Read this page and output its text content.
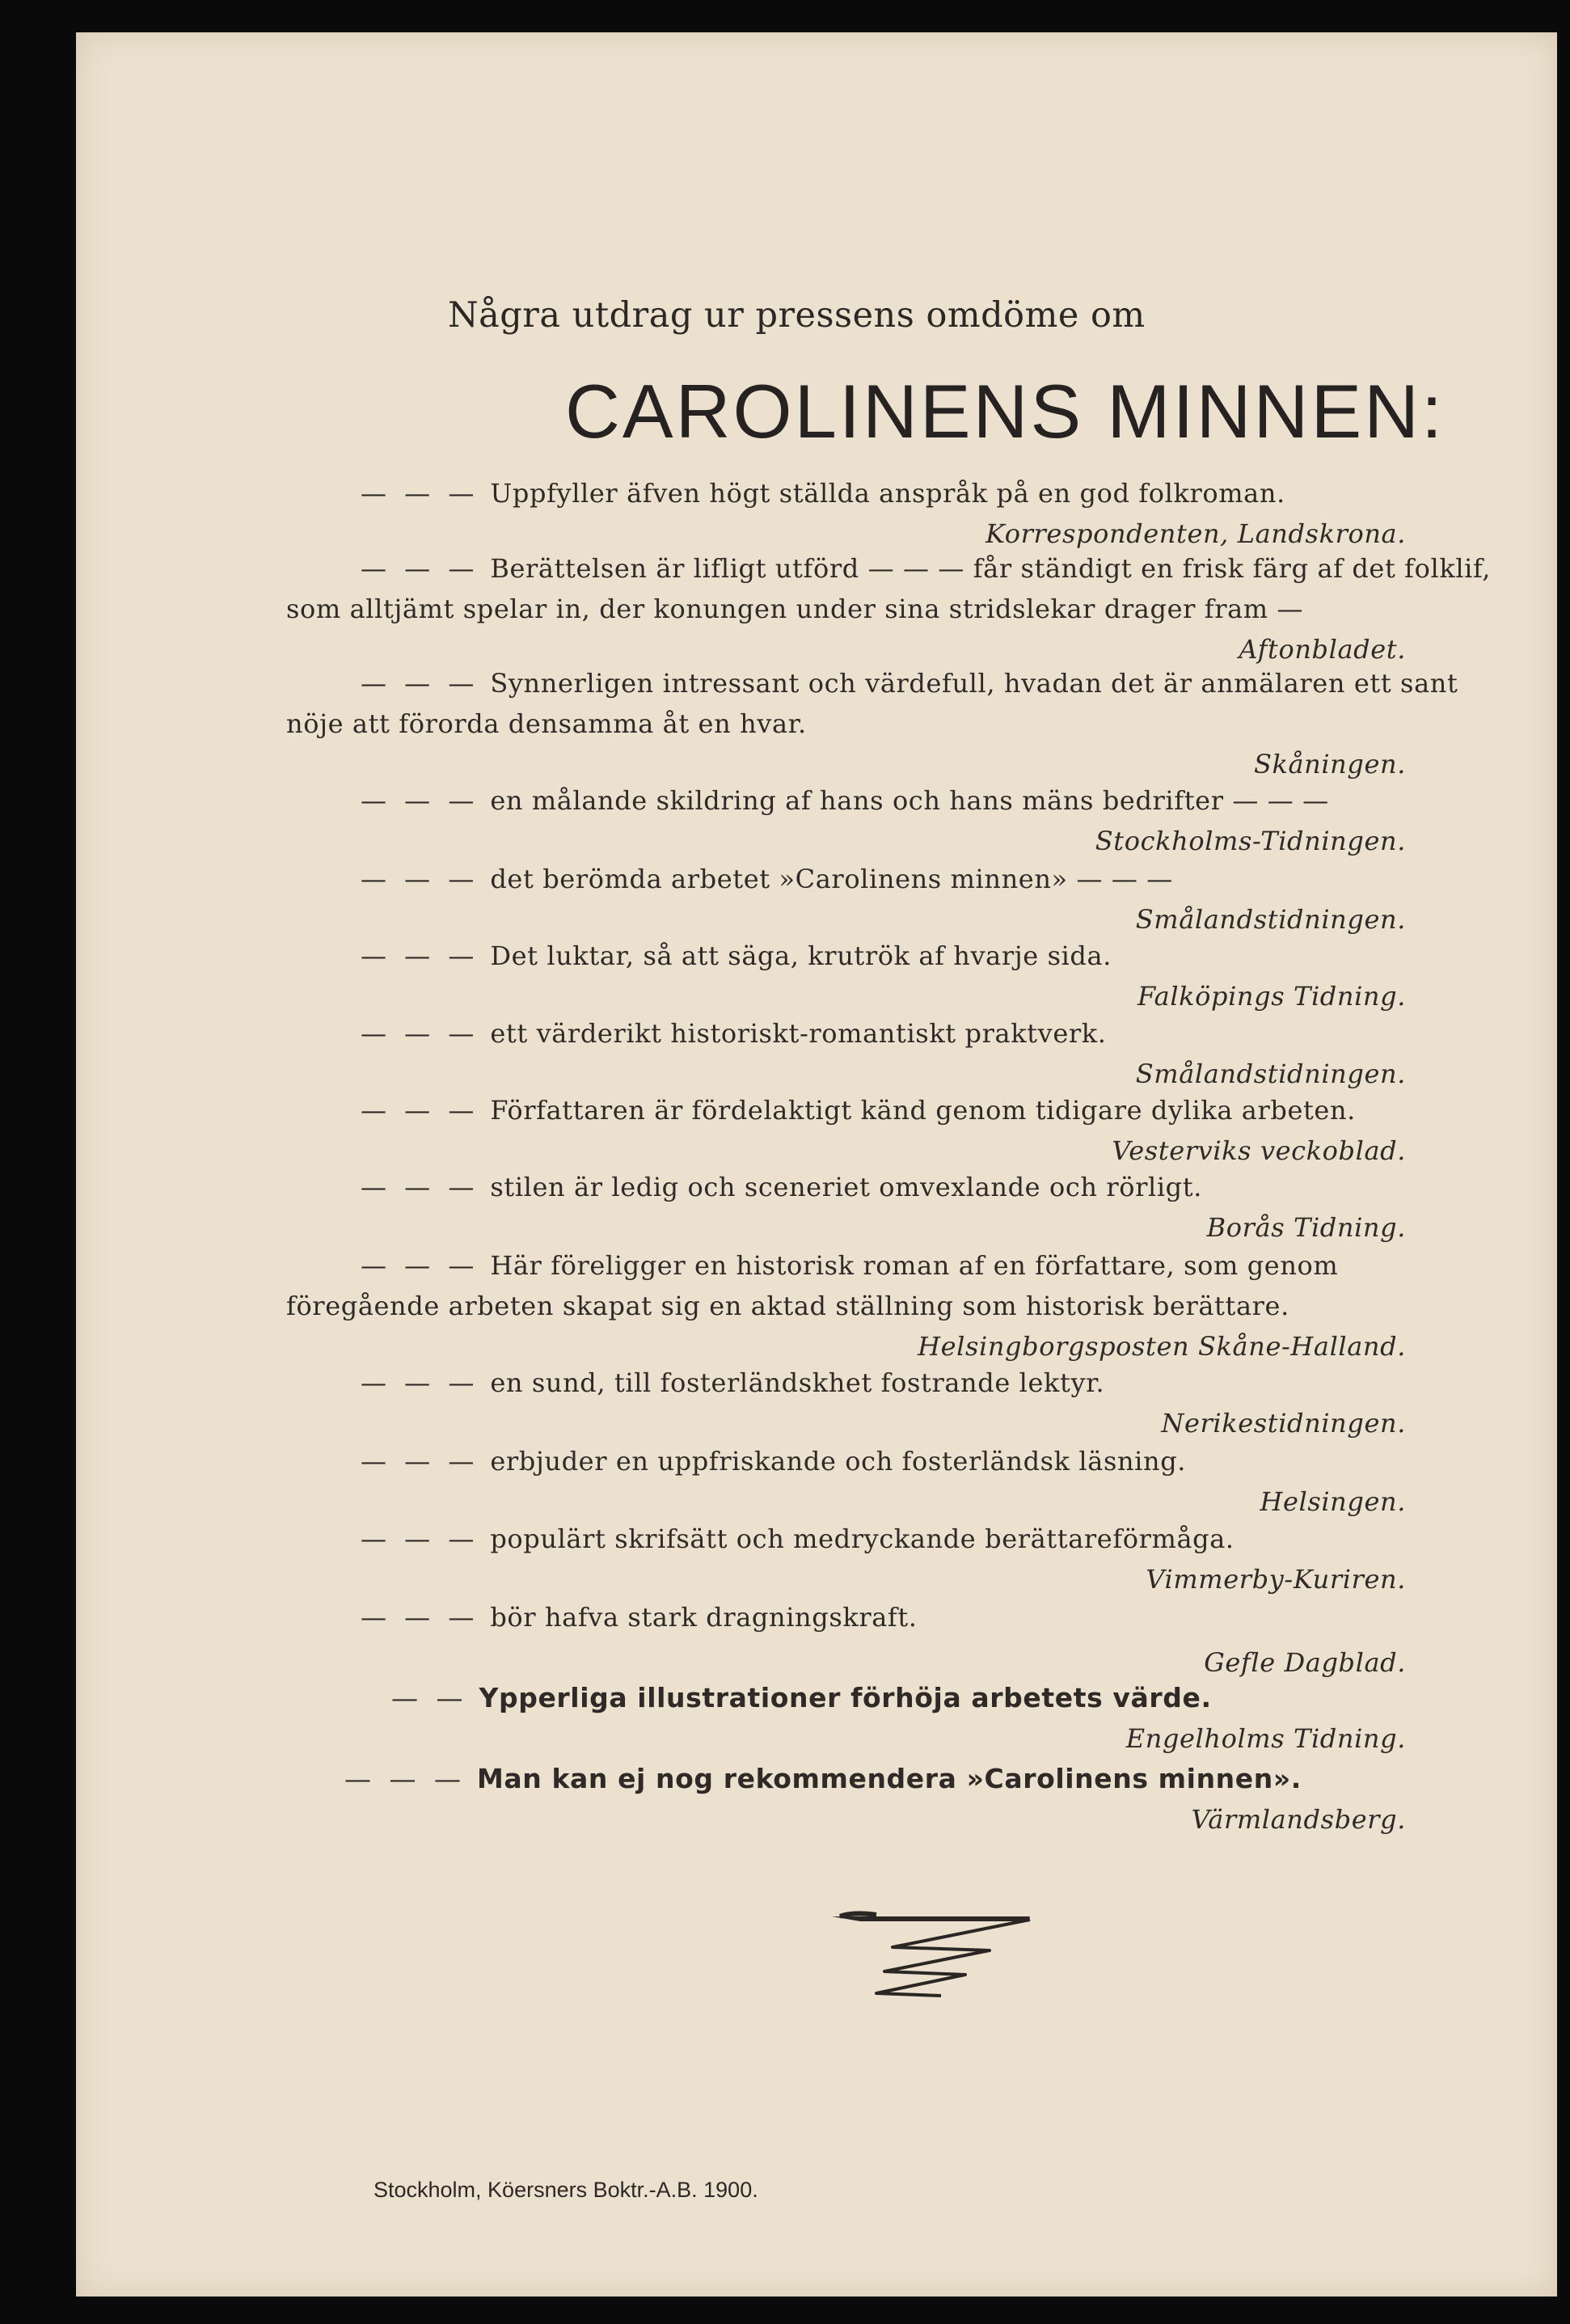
Några utdrag ur pressens omdöme om
CAROLINENS MINNEN:
— — — Uppfyller äfven högt ställda anspråk på en god folkroman.
Korrespondenten, Landskrona.
— — — Berättelsen är lifligt utförd — — — får ständigt en frisk färg af det folklif, som alltjämt spelar in, der konungen under sina stridslekar drager fram —
Aftonbladet.
— — — Synnerligen intressant och värdefull, hvadan det är anmälaren ett sant nöje att förorda densamma åt en hvar.
Skåningen.
— — — en målande skildring af hans och hans mäns bedrifter — — —
Stockholms-Tidningen.
— — — det berömda arbetet »Carolinens minnen» — — —
Smålandstidningen.
— — — Det luktar, så att säga, krutrök af hvarje sida.
Falköpings Tidning.
— — — ett värderikt historiskt-romantiskt praktverk.
Smålandstidningen.
— — — Författaren är fördelaktigt känd genom tidigare dylika arbeten.
Vesterviks veckoblad.
— — — stilen är ledig och sceneriet omvexlande och rörligt.
Borås Tidning.
— — — Här föreligger en historisk roman af en författare, som genom föregående arbeten skapat sig en aktad ställning som historisk berättare.
Helsingborgsposten Skåne-Halland.
— — — en sund, till fosterländskhet fostrande lektyr.
Nerikestidningen.
— — — erbjuder en uppfriskande och fosterländsk läsning.
Helsingen.
— — — populärt skrifsätt och medryckande berättareförmåga.
Vimmerby-Kuriren.
— — — bör hafva stark dragningskraft.
Gefle Dagblad.
— — Ypperliga illustrationer förhöja arbetets värde.
Engelholms Tidning.
— — — Man kan ej nog rekommendera »Carolinens minnen».
Värmlandsberg.
Stockholm, Köersners Boktr.-A.B. 1900.
